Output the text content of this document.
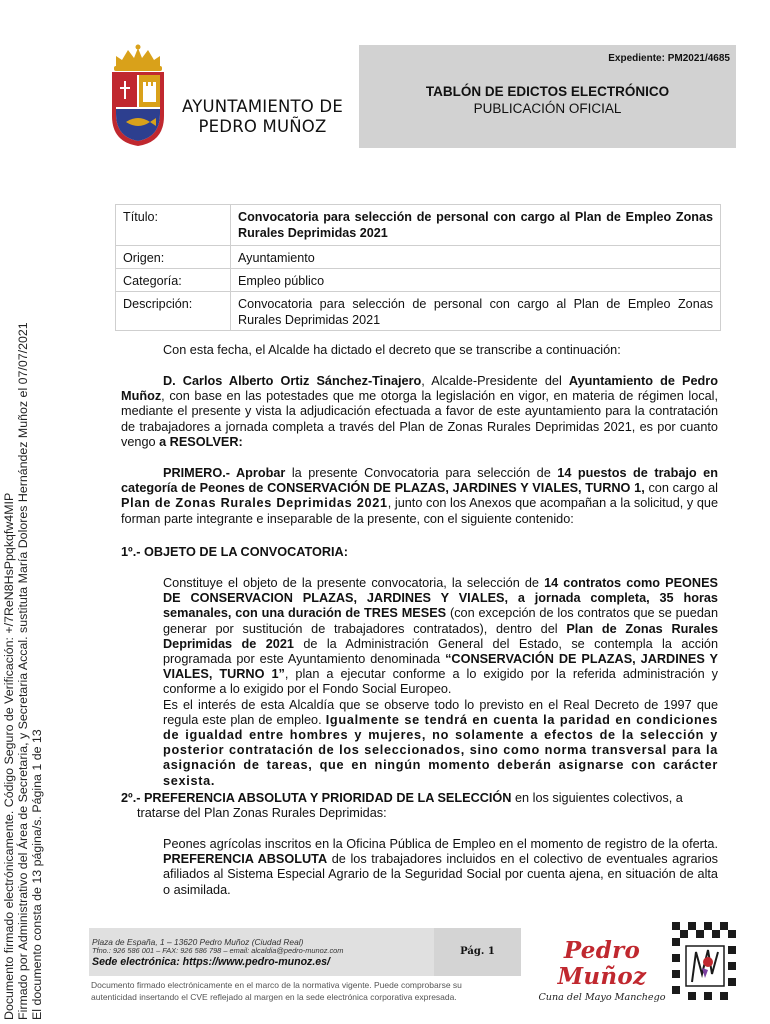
Documento firmado electrónicamente. Código Seguro de Verificación: +/7ReN8HsPpqkqfw4MIP Firmado por Administrativo del Área de Secretaria, y Secretaria Accal. sustituta María Dolores Hernández Muñoz el 07/07/2021 El documento consta de 13 página/s. Página 1 de 13
AYUNTAMIENTO DE
PEDRO MUÑOZ
Expediente: PM2021/4685
TABLÓN DE EDICTOS ELECTRÓNICO
PUBLICACIÓN OFICIAL
Título:	Convocatoria para selección de personal con cargo al Plan de Empleo Zonas Rurales Deprimidas 2021
Origen:	Ayuntamiento
Categoría:	Empleo público
Descripción:	Convocatoria para selección de personal con cargo al Plan de Empleo Zonas Rurales Deprimidas 2021

Con esta fecha, el Alcalde ha dictado el decreto que se transcribe a continuación:

D. Carlos Alberto Ortiz Sánchez-Tinajero, Alcalde-Presidente del Ayuntamiento de Pedro Muñoz, con base en las potestades que me otorga la legislación en vigor, en materia de régimen local, mediante el presente y vista la adjudicación efectuada a favor de este ayuntamiento para la contratación de trabajadores a jornada completa a través del Plan de Zonas Rurales Deprimidas 2021, es por cuanto vengo a RESOLVER:

PRIMERO.- Aprobar la presente Convocatoria para selección de 14 puestos de trabajo en categoría de Peones de CONSERVACIÓN DE PLAZAS, JARDINES Y VIALES, TURNO 1, con cargo al Plan de Zonas Rurales Deprimidas 2021, junto con los Anexos que acompañan a la solicitud, y que forman parte integrante e inseparable de la presente, con el siguiente contenido:

1º.- OBJETO DE LA CONVOCATORIA:

Constituye el objeto de la presente convocatoria, la selección de 14 contratos como PEONES DE CONSERVACION PLAZAS, JARDINES Y VIALES, a jornada completa, 35 horas semanales, con una duración de TRES MESES (con excepción de los contratos que se puedan generar por sustitución de trabajadores contratados), dentro del Plan de Zonas Rurales Deprimidas de 2021 de la Administración General del Estado, se contempla la acción programada por este Ayuntamiento denominada “CONSERVACIÓN DE PLAZAS, JARDINES Y VIALES, TURNO 1”, plan a ejecutar conforme a lo exigido por la referida administración y conforme a lo exigido por el Fondo Social Europeo.
Es el interés de esta Alcaldía que se observe todo lo previsto en el Real Decreto de 1997 que regula este plan de empleo. Igualmente se tendrá en cuenta la paridad en condiciones de igualdad entre hombres y mujeres, no solamente a efectos de la selección y posterior contratación de los seleccionados, sino como norma transversal para la asignación de tareas, que en ningún momento deberán asignarse con carácter sexista.

2º.- PREFERENCIA ABSOLUTA Y PRIORIDAD DE LA SELECCIÓN en los siguientes colectivos, a
tratarse del Plan Zonas Rurales Deprimidas:

Peones agrícolas inscritos en la Oficina Pública de Empleo en el momento de registro de la oferta. PREFERENCIA ABSOLUTA de los trabajadores incluidos en el colectivo de eventuales agrarios afiliados al Sistema Especial Agrario de la Seguridad Social por cuenta ajena, en situación de alta o asimilada.

Plaza de España, 1 – 13620 Pedro Muñoz (Ciudad Real)
Tfno.: 926 586 001 – FAX: 926 586 798 – email: alcaldia@pedro-munoz.com
Sede electrónica: https://www.pedro-munoz.es/
Pág. 1
Documento firmado electrónicamente en el marco de la normativa vigente. Puede comprobarse su
autenticidad insertando el CVE reflejado al margen en la sede electrónica corporativa expresada.
Pedro Muñoz
Cuna del Mayo Manchego
